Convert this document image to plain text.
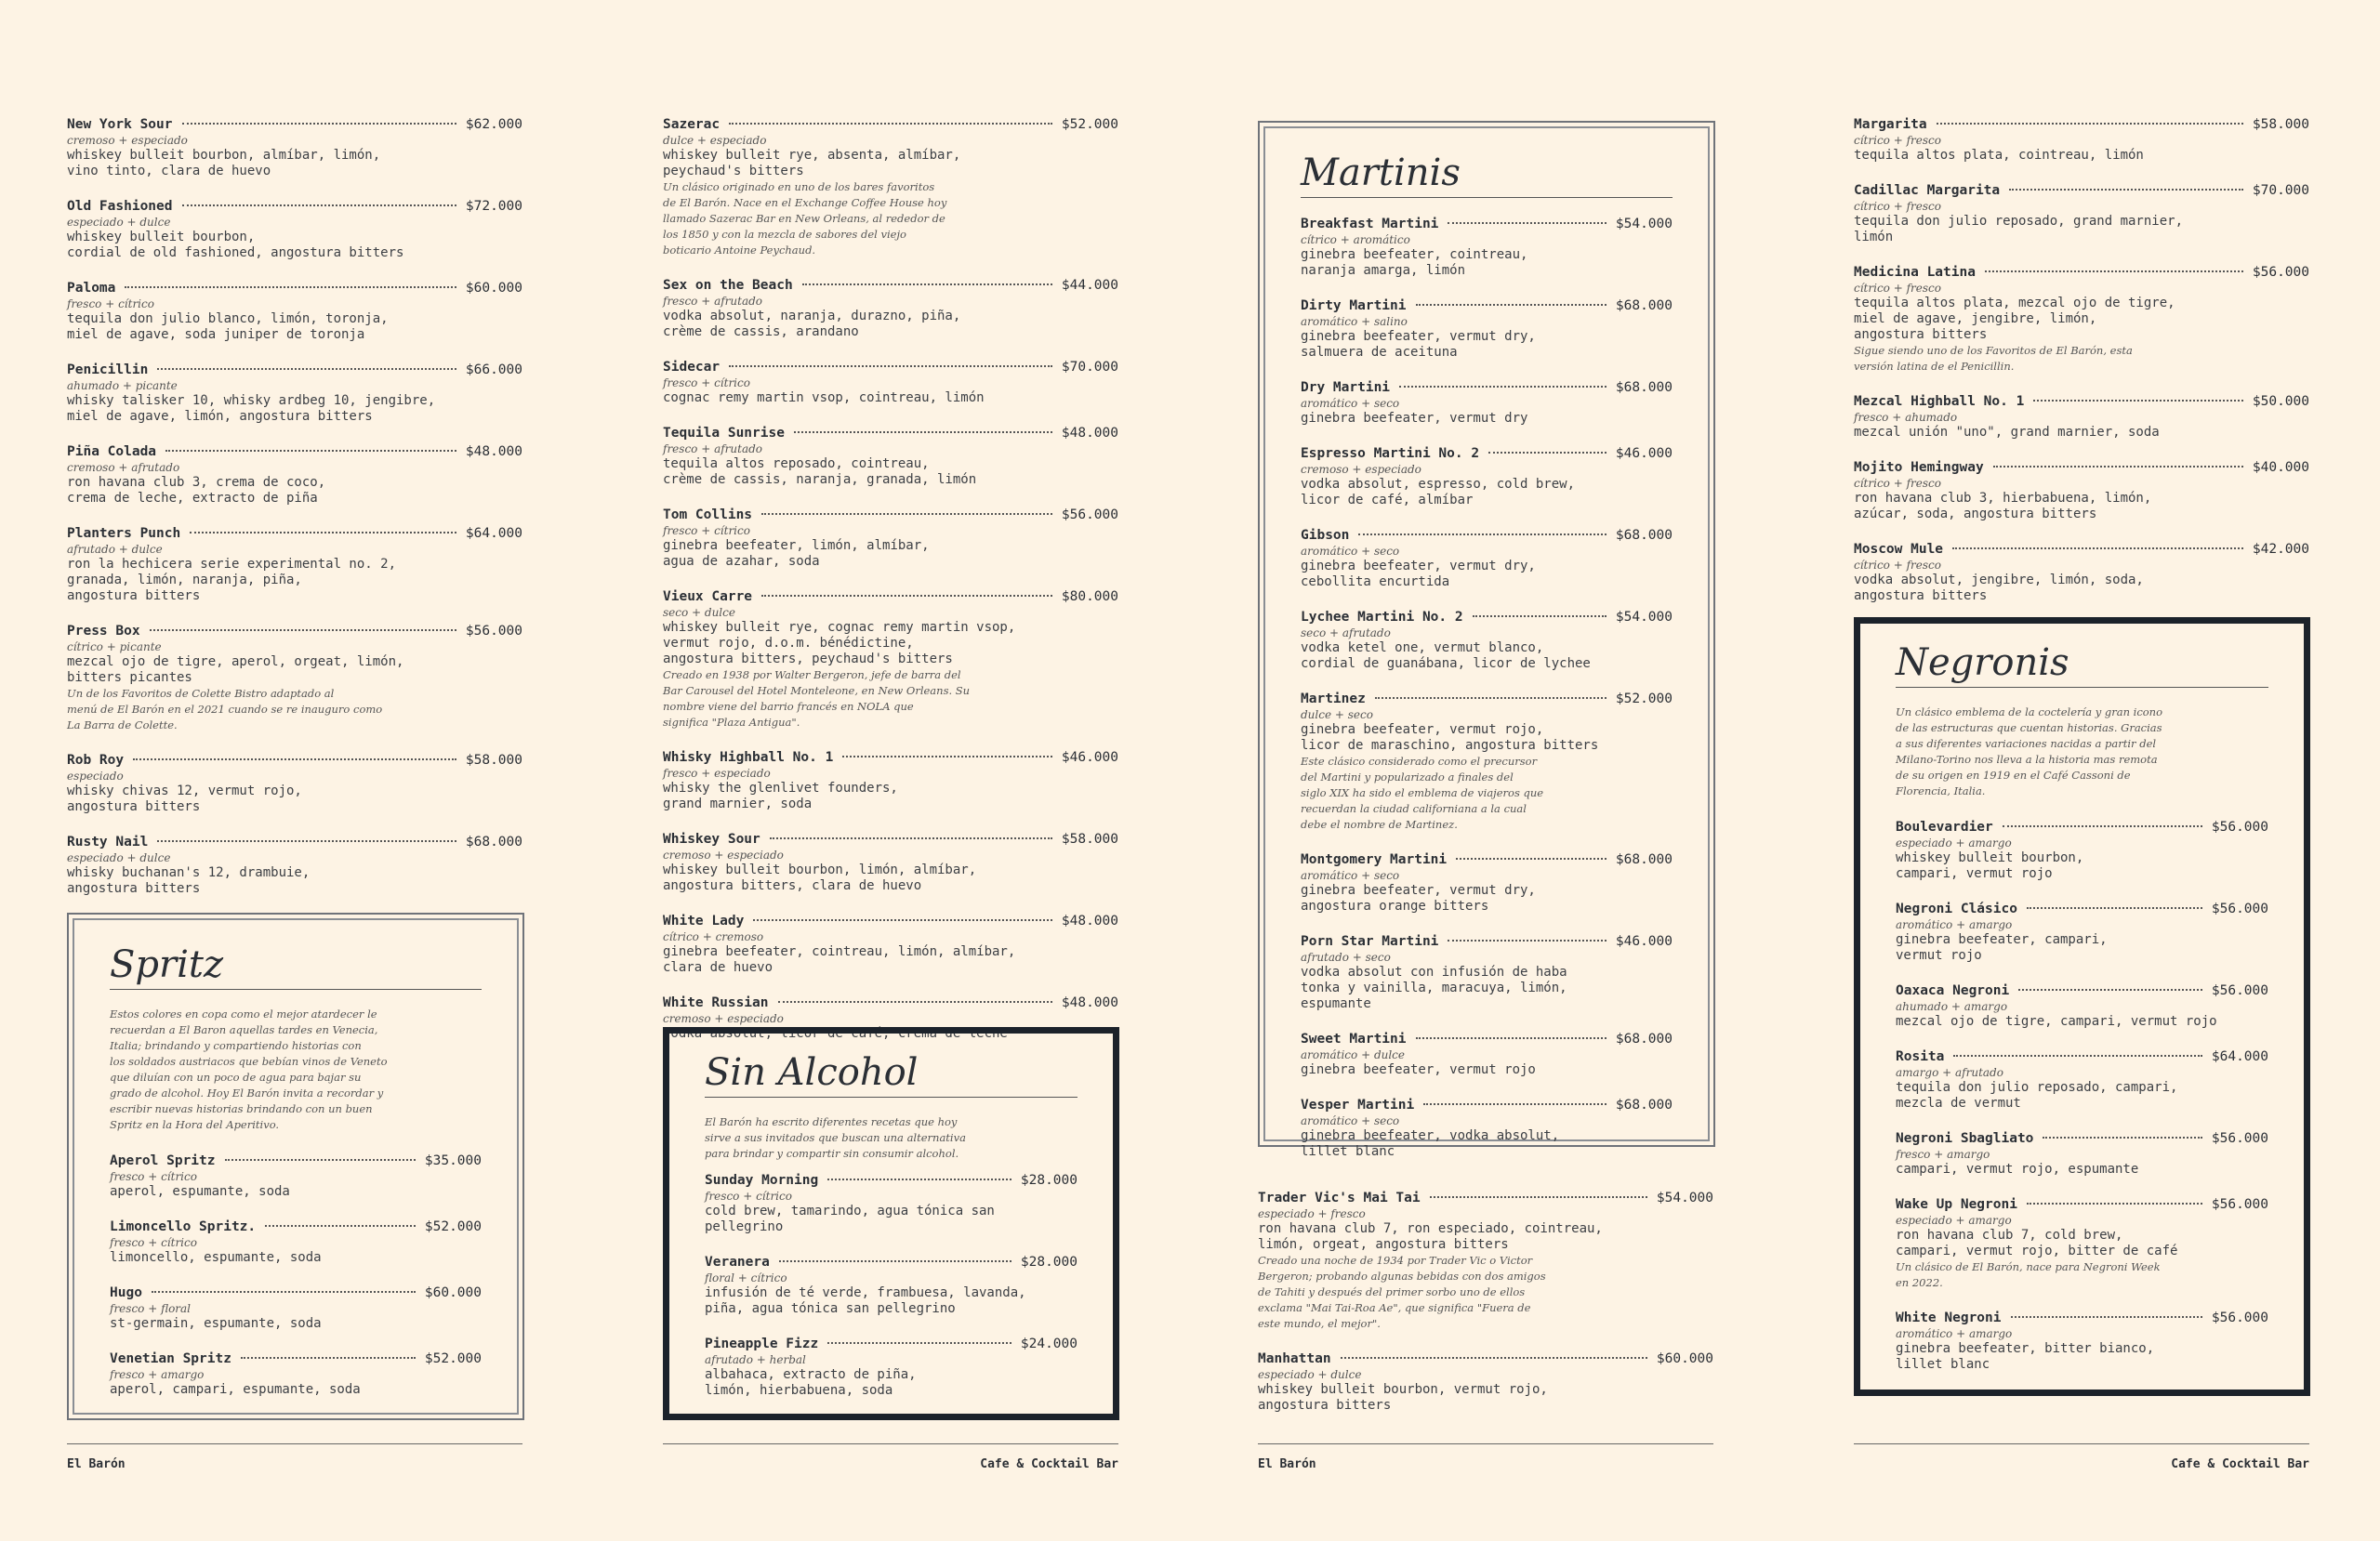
New York Sour	$62.000
cremoso + especiado
whiskey bulleit bourbon, almíbar, limón,
vino tinto, clara de huevo
Old Fashioned	$72.000
especiado + dulce
whiskey bulleit bourbon,
cordial de old fashioned, angostura bitters
Paloma	$60.000
fresco + cítrico
tequila don julio blanco, limón, toronja,
miel de agave, soda juniper de toronja
Penicillin	$66.000
ahumado + picante
whisky talisker 10, whisky ardbeg 10, jengibre,
miel de agave, limón, angostura bitters
Piña Colada	$48.000
cremoso + afrutado
ron havana club 3, crema de coco,
crema de leche, extracto de piña
Planters Punch	$64.000
afrutado + dulce
ron la hechicera serie experimental no. 2,
granada, limón, naranja, piña,
angostura bitters
Press Box	$56.000
cítrico + picante
mezcal ojo de tigre, aperol, orgeat, limón,
bitters picantes
Un de los Favoritos de Colette Bistro adaptado al
menú de El Barón en el 2021 cuando se re inauguro como
La Barra de Colette.
Rob Roy	$58.000
especiado
whisky chivas 12, vermut rojo,
angostura bitters
Rusty Nail	$68.000
especiado + dulce
whisky buchanan's 12, drambuie,
angostura bitters
Spritz
Estos colores en copa como el mejor atardecer le
recuerdan a El Baron aquellas tardes en Venecia,
Italia; brindando y compartiendo historias con
los soldados austriacos que bebían vinos de Veneto
que diluían con un poco de agua para bajar su
grado de alcohol. Hoy El Barón invita a recordar y
escribir nuevas historias brindando con un buen
Spritz en la Hora del Aperitivo.
Aperol Spritz	$35.000
fresco + cítrico
aperol, espumante, soda
Limoncello Spritz.	$52.000
fresco + cítrico
limoncello, espumante, soda
Hugo	$60.000
fresco + floral
st-germain, espumante, soda
Venetian Spritz	$52.000
fresco + amargo
aperol, campari, espumante, soda
Sazerac	$52.000
dulce + especiado
whiskey bulleit rye, absenta, almíbar,
peychaud's bitters
Un clásico originado en uno de los bares favoritos
de El Barón. Nace en el Exchange Coffee House hoy
llamado Sazerac Bar en New Orleans, al rededor de
los 1850 y con la mezcla de sabores del viejo
boticario Antoine Peychaud.
Sex on the Beach	$44.000
fresco + afrutado
vodka absolut, naranja, durazno, piña,
crème de cassis, arandano
Sidecar	$70.000
fresco + cítrico
cognac remy martin vsop, cointreau, limón
Tequila Sunrise	$48.000
fresco + afrutado
tequila altos reposado, cointreau,
crème de cassis, naranja, granada, limón
Tom Collins	$56.000
fresco + cítrico
ginebra beefeater, limón, almíbar,
agua de azahar, soda
Vieux Carre	$80.000
seco + dulce
whiskey bulleit rye, cognac remy martin vsop,
vermut rojo, d.o.m. bénédictine,
angostura bitters, peychaud's bitters
Creado en 1938 por Walter Bergeron, jefe de barra del
Bar Carousel del Hotel Monteleone, en New Orleans. Su
nombre viene del barrio francés en NOLA que
significa "Plaza Antigua".
Whisky Highball No. 1	$46.000
fresco + especiado
whisky the glenlivet founders,
grand marnier, soda
Whiskey Sour	$58.000
cremoso + especiado
whiskey bulleit bourbon, limón, almíbar,
angostura bitters, clara de huevo
White Lady	$48.000
cítrico + cremoso
ginebra beefeater, cointreau, limón, almíbar,
clara de huevo
White Russian	$48.000
cremoso + especiado
vodka absolut, licor de café, crema de leche
Sin Alcohol
El Barón ha escrito diferentes recetas que hoy
sirve a sus invitados que buscan una alternativa
para brindar y compartir sin consumir alcohol.
Sunday Morning	$28.000
fresco + cítrico
cold brew, tamarindo, agua tónica san
pellegrino
Veranera	$28.000
floral + cítrico
infusión de té verde, frambuesa, lavanda,
piña, agua tónica san pellegrino
Pineapple Fizz	$24.000
afrutado + herbal
albahaca, extracto de piña,
limón, hierbabuena, soda
Martinis
Breakfast Martini	$54.000
cítrico + aromático
ginebra beefeater, cointreau,
naranja amarga, limón
Dirty Martini	$68.000
aromático + salino
ginebra beefeater, vermut dry,
salmuera de aceituna
Dry Martini	$68.000
aromático + seco
ginebra beefeater, vermut dry
Espresso Martini No. 2	$46.000
cremoso + especiado
vodka absolut, espresso, cold brew,
licor de café, almíbar
Gibson	$68.000
aromático + seco
ginebra beefeater, vermut dry,
cebollita encurtida
Lychee Martini No. 2	$54.000
seco + afrutado
vodka ketel one, vermut blanco,
cordial de guanábana, licor de lychee
Martinez	$52.000
dulce + seco
ginebra beefeater, vermut rojo,
licor de maraschino, angostura bitters
Este clásico considerado como el precursor
del Martini y popularizado a finales del
siglo XIX ha sido el emblema de viajeros que
recuerdan la ciudad californiana a la cual
debe el nombre de Martinez.
Montgomery Martini	$68.000
aromático + seco
ginebra beefeater, vermut dry,
angostura orange bitters
Porn Star Martini	$46.000
afrutado + seco
vodka absolut con infusión de haba
tonka y vainilla, maracuya, limón,
espumante
Sweet Martini	$68.000
aromático + dulce
ginebra beefeater, vermut rojo
Vesper Martini	$68.000
aromático + seco
ginebra beefeater, vodka absolut,
lillet blanc
Trader Vic's Mai Tai	$54.000
especiado + fresco
ron havana club 7, ron especiado, cointreau,
limón, orgeat, angostura bitters
Creado una noche de 1934 por Trader Vic o Victor
Bergeron; probando algunas bebidas con dos amigos
de Tahiti y después del primer sorbo uno de ellos
exclama "Mai Tai-Roa Ae", que significa "Fuera de
este mundo, el mejor".
Manhattan	$60.000
especiado + dulce
whiskey bulleit bourbon, vermut rojo,
angostura bitters
Margarita	$58.000
cítrico + fresco
tequila altos plata, cointreau, limón
Cadillac Margarita	$70.000
cítrico + fresco
tequila don julio reposado, grand marnier,
limón
Medicina Latina	$56.000
cítrico + fresco
tequila altos plata, mezcal ojo de tigre,
miel de agave, jengibre, limón,
angostura bitters
Sigue siendo uno de los Favoritos de El Barón, esta
versión latina de el Penicillin.
Mezcal Highball No. 1	$50.000
fresco + ahumado
mezcal unión "uno", grand marnier, soda
Mojito Hemingway	$40.000
cítrico + fresco
ron havana club 3, hierbabuena, limón,
azúcar, soda, angostura bitters
Moscow Mule	$42.000
cítrico + fresco
vodka absolut, jengibre, limón, soda,
angostura bitters
Negronis
Un clásico emblema de la coctelería y gran icono
de las estructuras que cuentan historias. Gracias
a sus diferentes variaciones nacidas a partir del
Milano-Torino nos lleva a la historia mas remota
de su origen en 1919 en el Café Cassoni de
Florencia, Italia.
Boulevardier	$56.000
especiado + amargo
whiskey bulleit bourbon,
campari, vermut rojo
Negroni Clásico	$56.000
aromático + amargo
ginebra beefeater, campari,
vermut rojo
Oaxaca Negroni	$56.000
ahumado + amargo
mezcal ojo de tigre, campari, vermut rojo
Rosita	$64.000
amargo + afrutado
tequila don julio reposado, campari,
mezcla de vermut
Negroni Sbagliato	$56.000
fresco + amargo
campari, vermut rojo, espumante
Wake Up Negroni	$56.000
especiado + amargo
ron havana club 7, cold brew,
campari, vermut rojo, bitter de café
Un clásico de El Barón, nace para Negroni Week
en 2022.
White Negroni	$56.000
aromático + amargo
ginebra beefeater, bitter bianco,
lillet blanc
El Barón	Cafe & Cocktail Bar	El Barón	Cafe & Cocktail Bar
